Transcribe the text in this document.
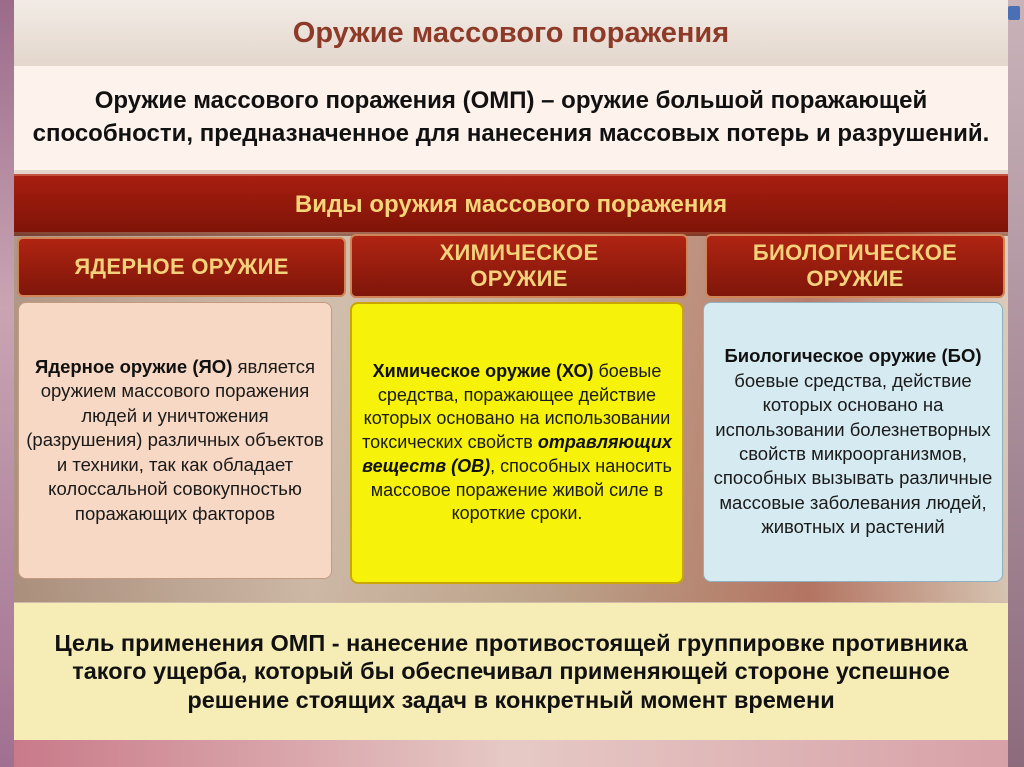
Оружие массового поражения
Оружие массового поражения (ОМП) – оружие большой поражающей способности, предназначенное для нанесения массовых потерь и разрушений.
Виды оружия массового поражения
ЯДЕРНОЕ ОРУЖИЕ
ХИМИЧЕСКОЕ ОРУЖИЕ
БИОЛОГИЧЕСКОЕ ОРУЖИЕ

Ядерное оружие (ЯО) является оружием массового поражения людей и уничтожения (разрушения) различных объектов и техники, так как обладает колоссальной совокупностью поражающих факторов

Химическое оружие (ХО) боевые средства, поражающее действие которых основано на использовании токсических свойств отравляющих веществ (ОВ), способных наносить массовое поражение живой силе в короткие сроки.

Биологическое оружие (БО) боевые средства, действие которых основано на использовании болезнетворных свойств микроорганизмов, способных вызывать различные массовые заболевания людей, животных и растений

Цель применения ОМП - нанесение противостоящей группировке противника такого ущерба, который бы обеспечивал применяющей стороне успешное решение стоящих задач в конкретный момент времени
